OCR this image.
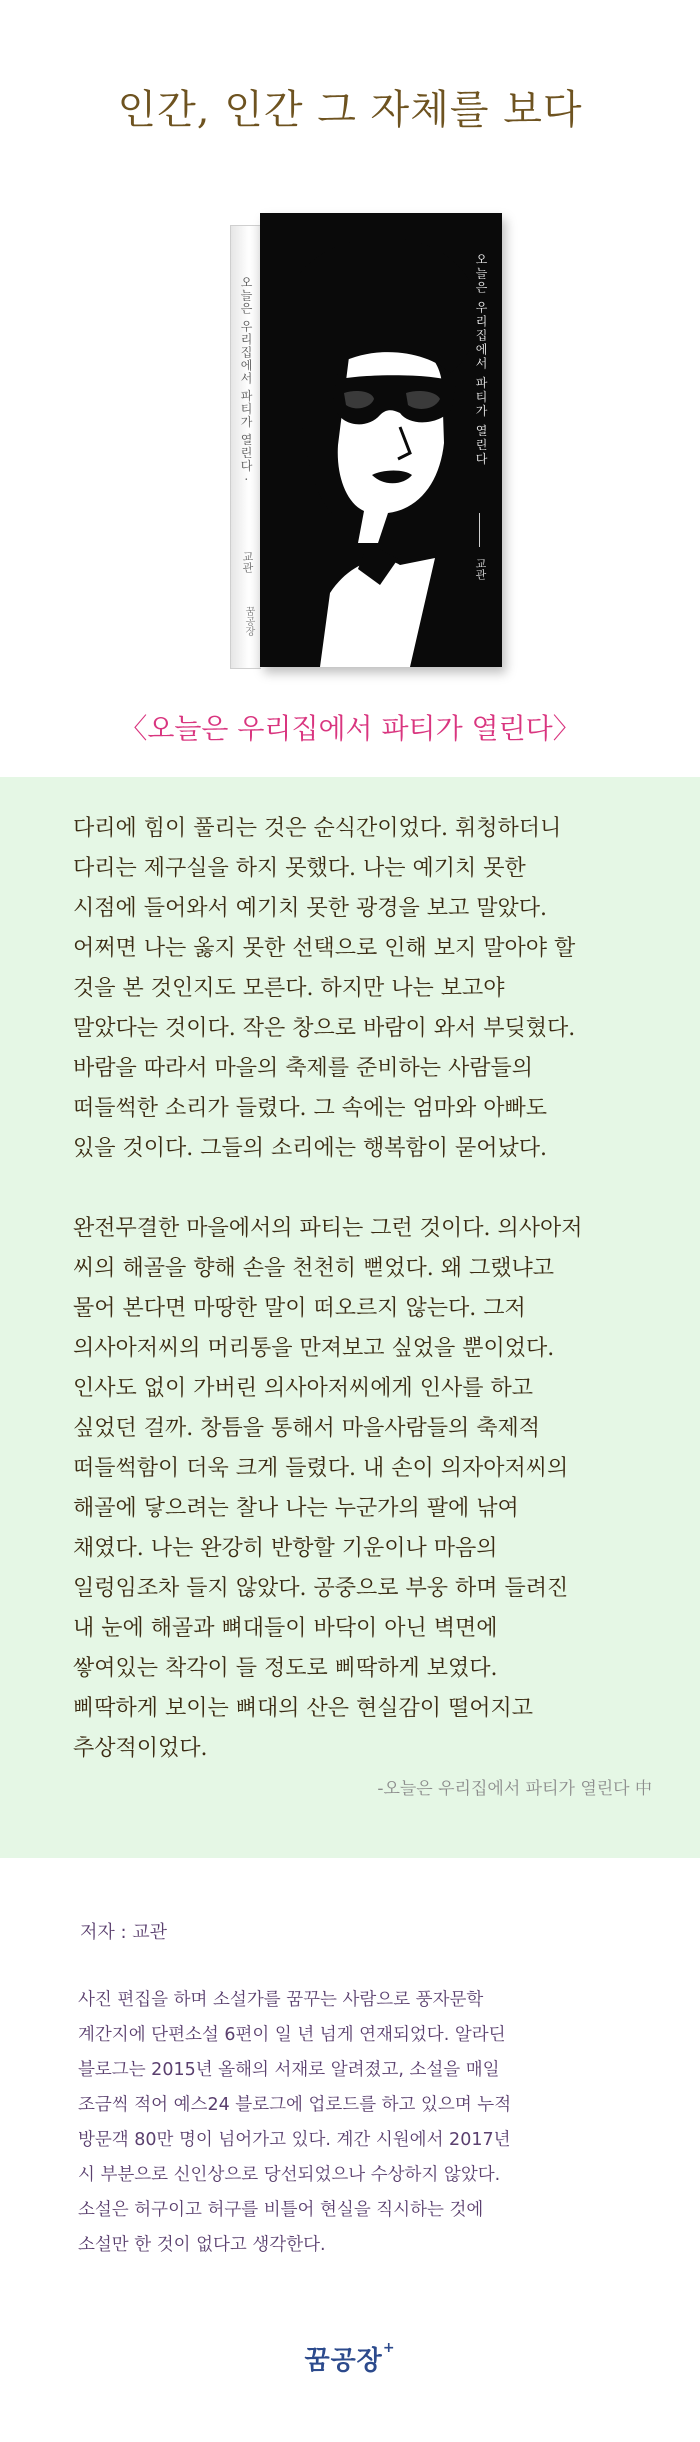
인간, 인간 그 자체를 보다
오늘은 우리집에서 파티가 열린다 ·
교관
꿈공장
오늘은 우리집에서 파티가 열린다
교관
〈오늘은 우리집에서 파티가 열린다〉

다리에 힘이 풀리는 것은 순식간이었다. 휘청하더니

다리는 제구실을 하지 못했다. 나는 예기치 못한

시점에 들어와서 예기치 못한 광경을 보고 말았다.

어쩌면 나는 옳지 못한 선택으로 인해 보지 말아야 할

것을 본 것인지도 모른다. 하지만 나는 보고야

말았다는 것이다. 작은 창으로 바람이 와서 부딪혔다.

바람을 따라서 마을의 축제를 준비하는 사람들의

떠들썩한 소리가 들렸다. 그 속에는 엄마와 아빠도

있을 것이다. 그들의 소리에는 행복함이 묻어났다.

완전무결한 마을에서의 파티는 그런 것이다. 의사아저

씨의 해골을 향해 손을 천천히 뻗었다. 왜 그랬냐고

물어 본다면 마땅한 말이 떠오르지 않는다. 그저

의사아저씨의 머리통을 만져보고 싶었을 뿐이었다.

인사도 없이 가버린 의사아저씨에게 인사를 하고

싶었던 걸까. 창틈을 통해서 마을사람들의 축제적

떠들썩함이 더욱 크게 들렸다. 내 손이 의자아저씨의

해골에 닿으려는 찰나 나는 누군가의 팔에 낚여

채였다. 나는 완강히 반항할 기운이나 마음의

일렁임조차 들지 않았다. 공중으로 부웅 하며 들려진

내 눈에 해골과 뼈대들이 바닥이 아닌 벽면에

쌓여있는 착각이 들 정도로 삐딱하게 보였다.

삐딱하게 보이는 뼈대의 산은 현실감이 떨어지고

추상적이었다.

-오늘은 우리집에서 파티가 열린다 中
저자 : 교관

사진 편집을 하며 소설가를 꿈꾸는 사람으로 풍자문학

계간지에 단편소설 6편이 일 년 넘게 연재되었다. 알라딘

블로그는 2015년 올해의 서재로 알려졌고, 소설을 매일

조금씩 적어 예스24 블로그에 업로드를 하고 있으며 누적

방문객 80만 명이 넘어가고 있다. 계간 시원에서 2017년

시 부분으로 신인상으로 당선되었으나 수상하지 않았다.

소설은 허구이고 허구를 비틀어 현실을 직시하는 것에

소설만 한 것이 없다고 생각한다.

꿈공장+
